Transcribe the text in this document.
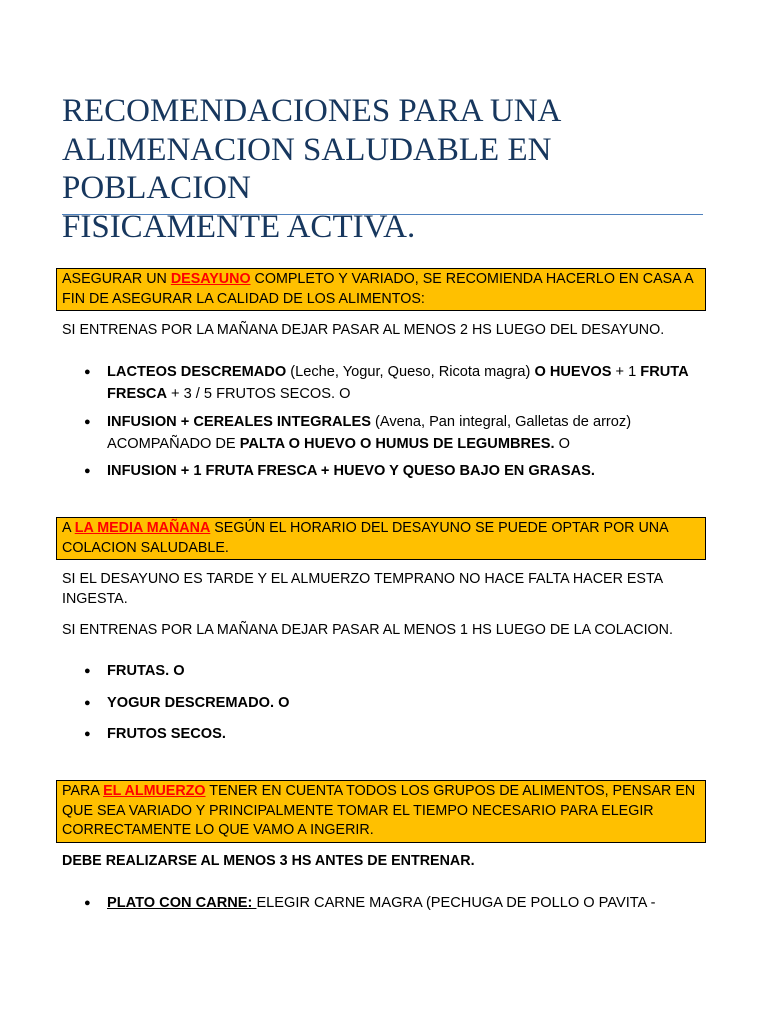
RECOMENDACIONES PARA UNA
ALIMENACION SALUDABLE EN POBLACION
FISICAMENTE ACTIVA.
ASEGURAR UN DESAYUNO COMPLETO Y VARIADO, SE RECOMIENDA HACERLO EN CASA A FIN DE ASEGURAR LA CALIDAD DE LOS ALIMENTOS:
SI ENTRENAS POR LA MAÑANA DEJAR PASAR AL MENOS 2 HS LUEGO DEL DESAYUNO.
● LACTEOS DESCREMADO (Leche, Yogur, Queso, Ricota magra) O HUEVOS + 1 FRUTA FRESCA + 3 / 5 FRUTOS SECOS. O
● INFUSION + CEREALES INTEGRALES (Avena, Pan integral, Galletas de arroz) ACOMPAÑADO DE PALTA O HUEVO O HUMUS DE LEGUMBRES. O
● INFUSION + 1 FRUTA FRESCA + HUEVO Y QUESO BAJO EN GRASAS.
A LA MEDIA MAÑANA SEGÚN EL HORARIO DEL DESAYUNO SE PUEDE OPTAR POR UNA COLACION SALUDABLE.
SI EL DESAYUNO ES TARDE Y EL ALMUERZO TEMPRANO NO HACE FALTA HACER ESTA INGESTA.
SI ENTRENAS POR LA MAÑANA DEJAR PASAR AL MENOS 1 HS LUEGO DE LA COLACION.
● FRUTAS. O
● YOGUR DESCREMADO. O
● FRUTOS SECOS.
PARA EL ALMUERZO TENER EN CUENTA TODOS LOS GRUPOS DE ALIMENTOS, PENSAR EN QUE SEA VARIADO Y PRINCIPALMENTE TOMAR EL TIEMPO NECESARIO PARA ELEGIR CORRECTAMENTE LO QUE VAMO A INGERIR.
DEBE REALIZARSE AL MENOS 3 HS ANTES DE ENTRENAR.
● PLATO CON CARNE: ELEGIR CARNE MAGRA (PECHUGA DE POLLO O PAVITA -
